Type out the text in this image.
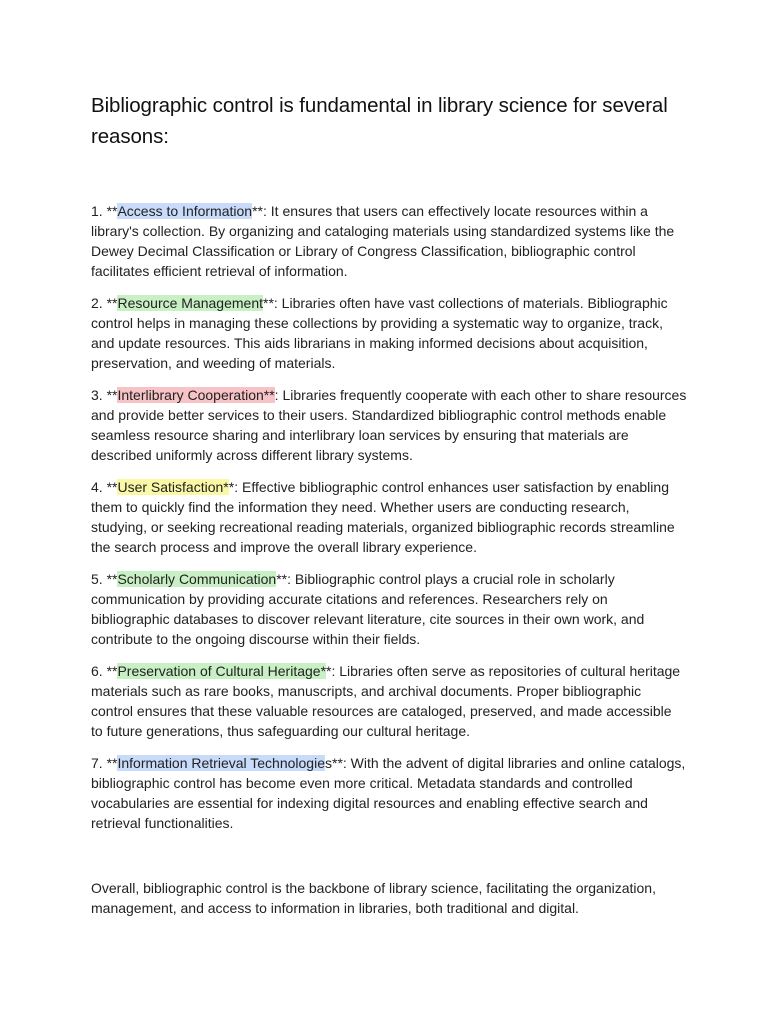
Bibliographic control is fundamental in library science for several reasons:

1. **Access to Information**: It ensures that users can effectively locate resources within a library's collection. By organizing and cataloging materials using standardized systems like the Dewey Decimal Classification or Library of Congress Classification, bibliographic control facilitates efficient retrieval of information.

2. **Resource Management**: Libraries often have vast collections of materials. Bibliographic control helps in managing these collections by providing a systematic way to organize, track, and update resources. This aids librarians in making informed decisions about acquisition, preservation, and weeding of materials.

3. **Interlibrary Cooperation**: Libraries frequently cooperate with each other to share resources and provide better services to their users. Standardized bibliographic control methods enable seamless resource sharing and interlibrary loan services by ensuring that materials are described uniformly across different library systems.

4. **User Satisfaction**: Effective bibliographic control enhances user satisfaction by enabling them to quickly find the information they need. Whether users are conducting research, studying, or seeking recreational reading materials, organized bibliographic records streamline the search process and improve the overall library experience.

5. **Scholarly Communication**: Bibliographic control plays a crucial role in scholarly communication by providing accurate citations and references. Researchers rely on bibliographic databases to discover relevant literature, cite sources in their own work, and contribute to the ongoing discourse within their fields.

6. **Preservation of Cultural Heritage**: Libraries often serve as repositories of cultural heritage materials such as rare books, manuscripts, and archival documents. Proper bibliographic control ensures that these valuable resources are cataloged, preserved, and made accessible to future generations, thus safeguarding our cultural heritage.

7. **Information Retrieval Technologies**: With the advent of digital libraries and online catalogs, bibliographic control has become even more critical. Metadata standards and controlled vocabularies are essential for indexing digital resources and enabling effective search and retrieval functionalities.

Overall, bibliographic control is the backbone of library science, facilitating the organization, management, and access to information in libraries, both traditional and digital.
